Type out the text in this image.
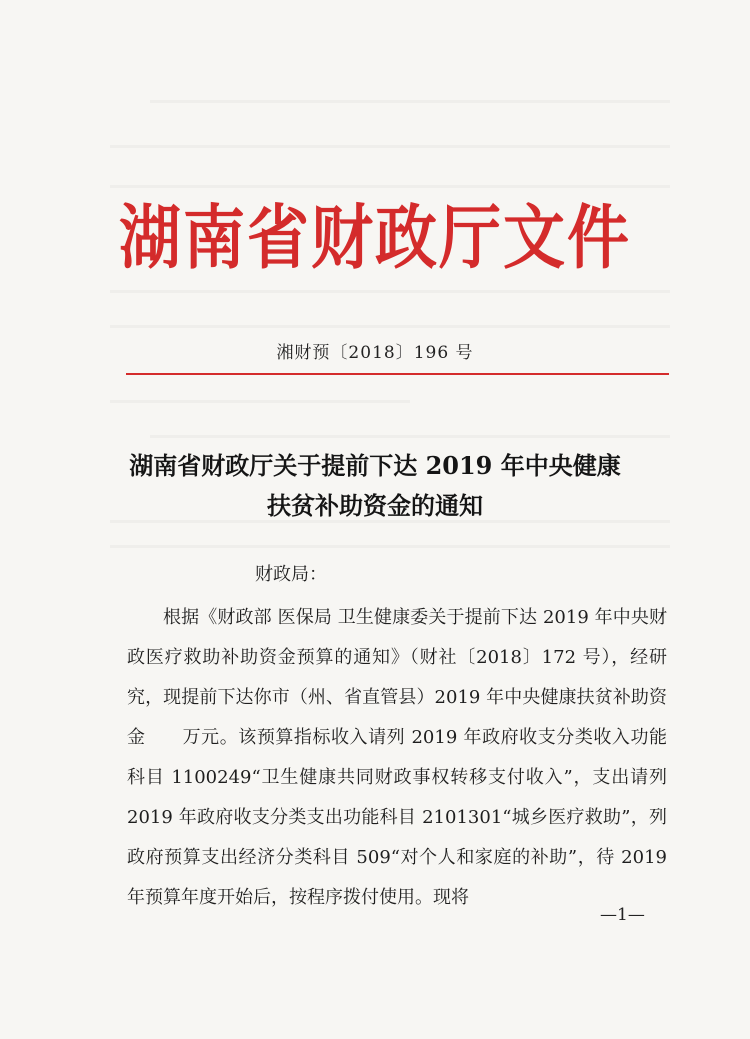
湖南省财政厅文件
湘财预〔2018〕196 号
湖南省财政厅关于提前下达 2019 年中央健康
扶贫补助资金的通知
财政局：
根据《财政部 医保局 卫生健康委关于提前下达 2019 年中央财政医疗救助补助资金预算的通知》（财社〔2018〕172 号），经研究，现提前下达你市（州、省直管县）2019 年中央健康扶贫补助资金　　万元。该预算指标收入请列 2019 年政府收支分类收入功能科目 1100249“卫生健康共同财政事权转移支付收入”，支出请列 2019 年政府收支分类支出功能科目 2101301“城乡医疗救助”，列政府预算支出经济分类科目 509“对个人和家庭的补助”，待 2019 年预算年度开始后，按程序拨付使用。现将
—1—
